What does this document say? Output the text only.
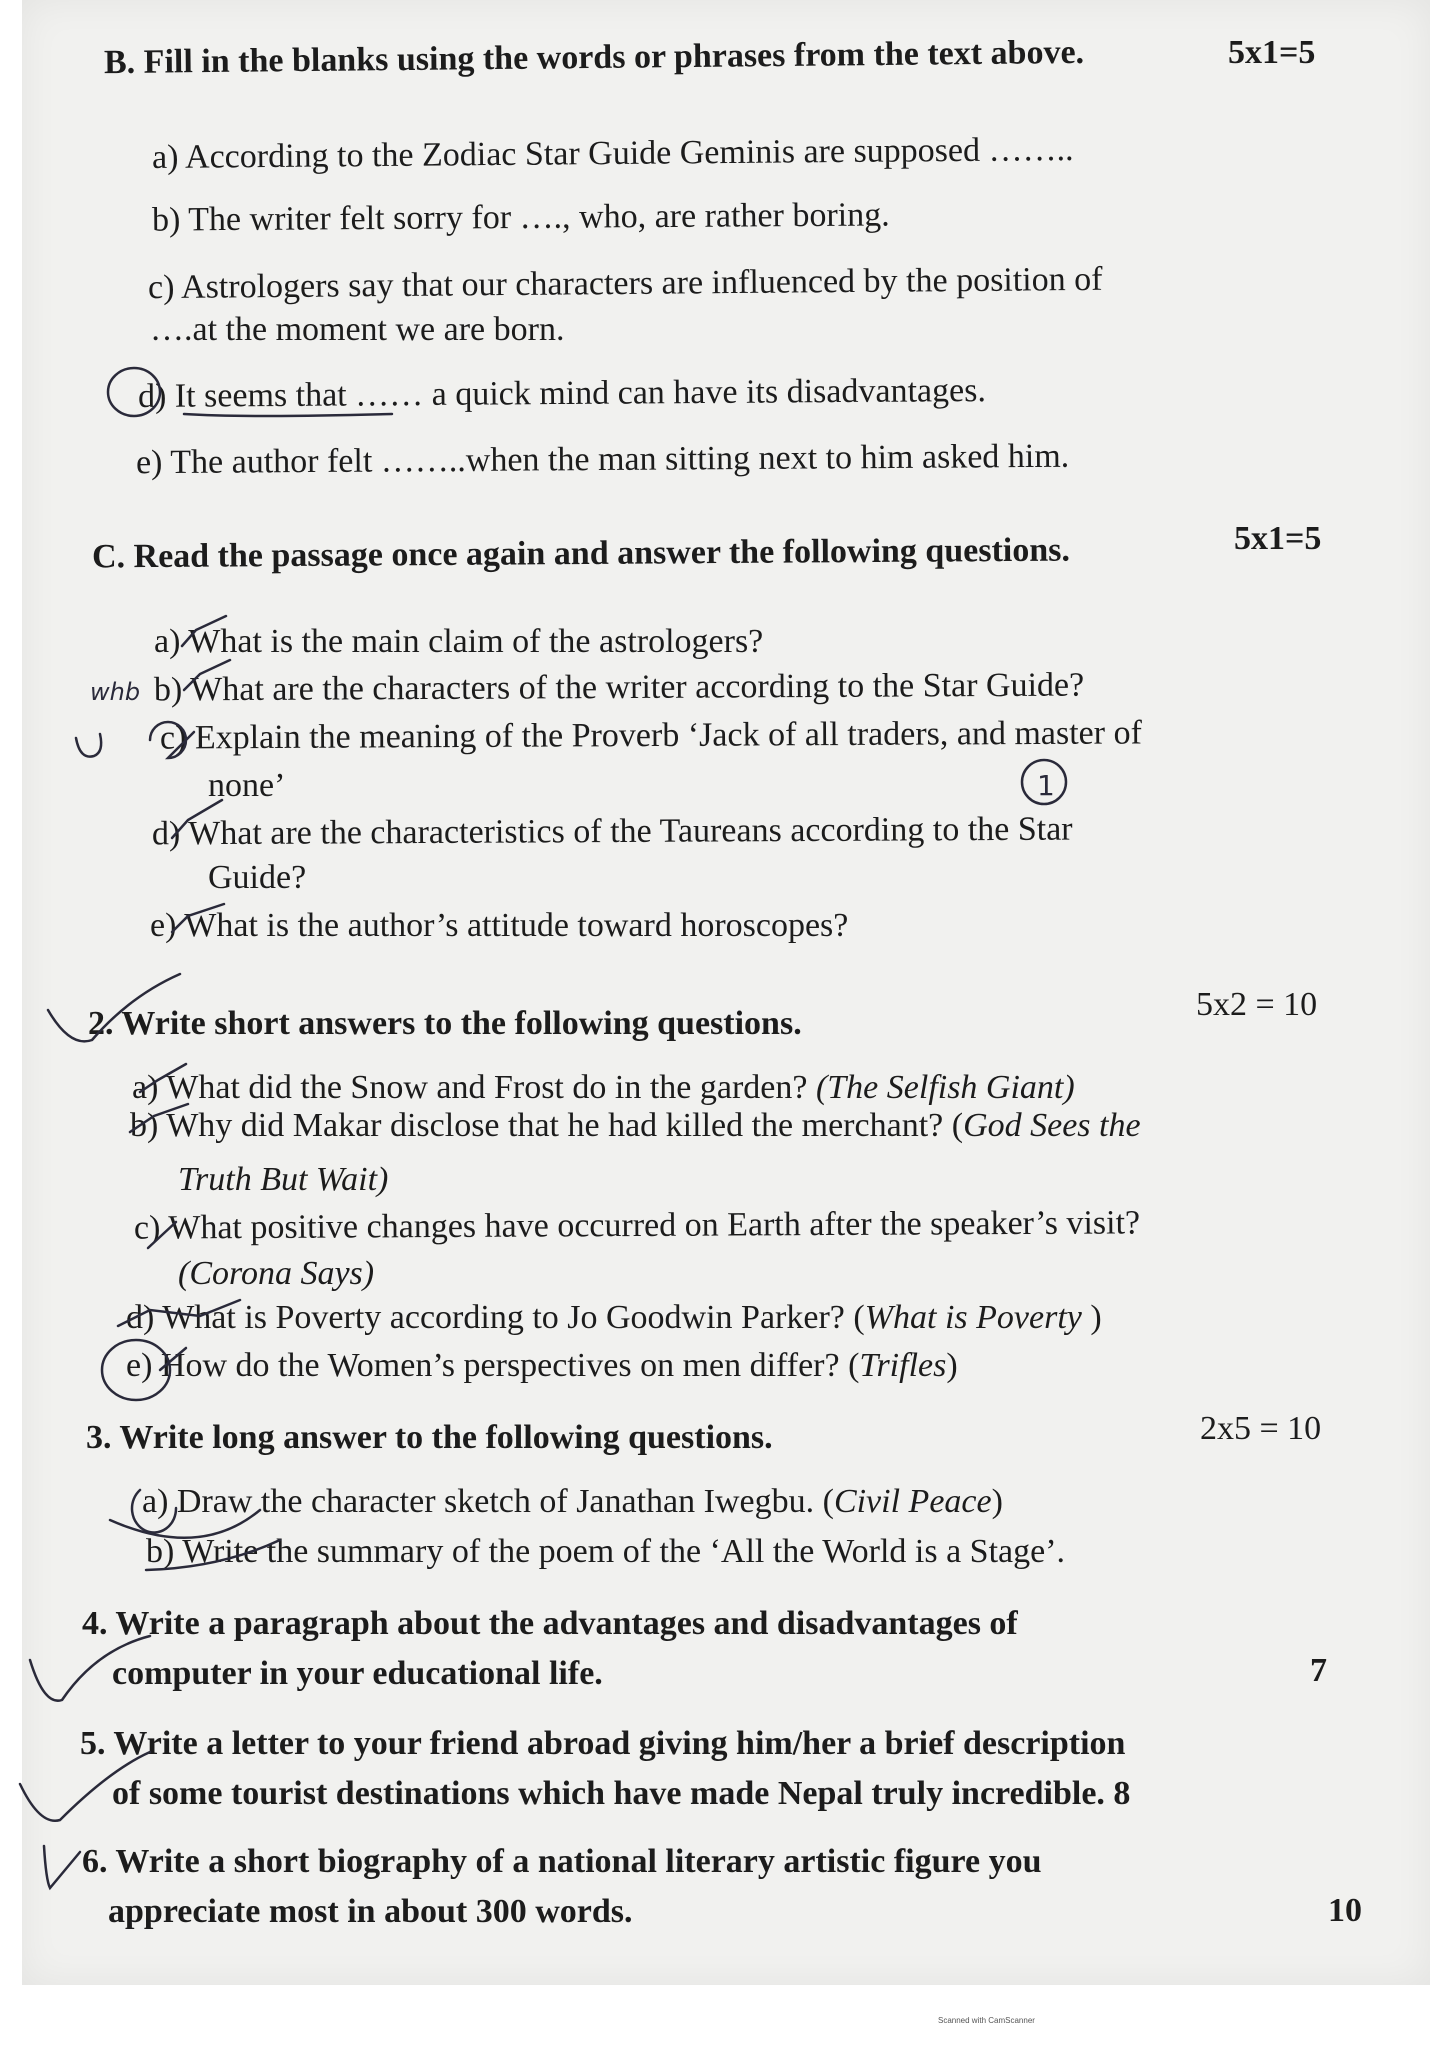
B. Fill in the blanks using the words or phrases from the text above.	5x1=5
a) According to the Zodiac Star Guide Geminis are supposed ……..
b) The writer felt sorry for …., who, are rather boring.
c) Astrologers say that our characters are influenced by the position of
….at the moment we are born.
d) It seems that …… a quick mind can have its disadvantages.
e) The author felt ……..when the man sitting next to him asked him.
C. Read the passage once again and answer the following questions.	5x1=5
a) What is the main claim of the astrologers?
b) What are the characters of the writer according to the Star Guide?
c) Explain the meaning of the Proverb ‘Jack of all traders, and master of
none’
d) What are the characteristics of the Taureans according to the Star
Guide?
e) What is the author’s attitude toward horoscopes?
2. Write short answers to the following questions.
5x2 = 10
a) What did the Snow and Frost do in the garden? (The Selfish Giant)
b) Why did Makar disclose that he had killed the merchant? (God Sees the
Truth But Wait)
c) What positive changes have occurred on Earth after the speaker’s visit?
(Corona Says)
d) What is Poverty according to Jo Goodwin Parker? (What is Poverty )
e) How do the Women’s perspectives on men differ? (Trifles)
3. Write long answer to the following questions.	2x5 = 10
a) Draw the character sketch of Janathan Iwegbu. (Civil Peace)
b) Write the summary of the poem of the ‘All the World is a Stage’.
4. Write a paragraph about the advantages and disadvantages of
computer in your educational life.	7
5. Write a letter to your friend abroad giving him/her a brief description
of some tourist destinations which have made Nepal truly incredible. 8
6. Write a short biography of a national literary artistic figure you
appreciate most in about 300 words.	10
1
whb
Scanned with CamScanner
